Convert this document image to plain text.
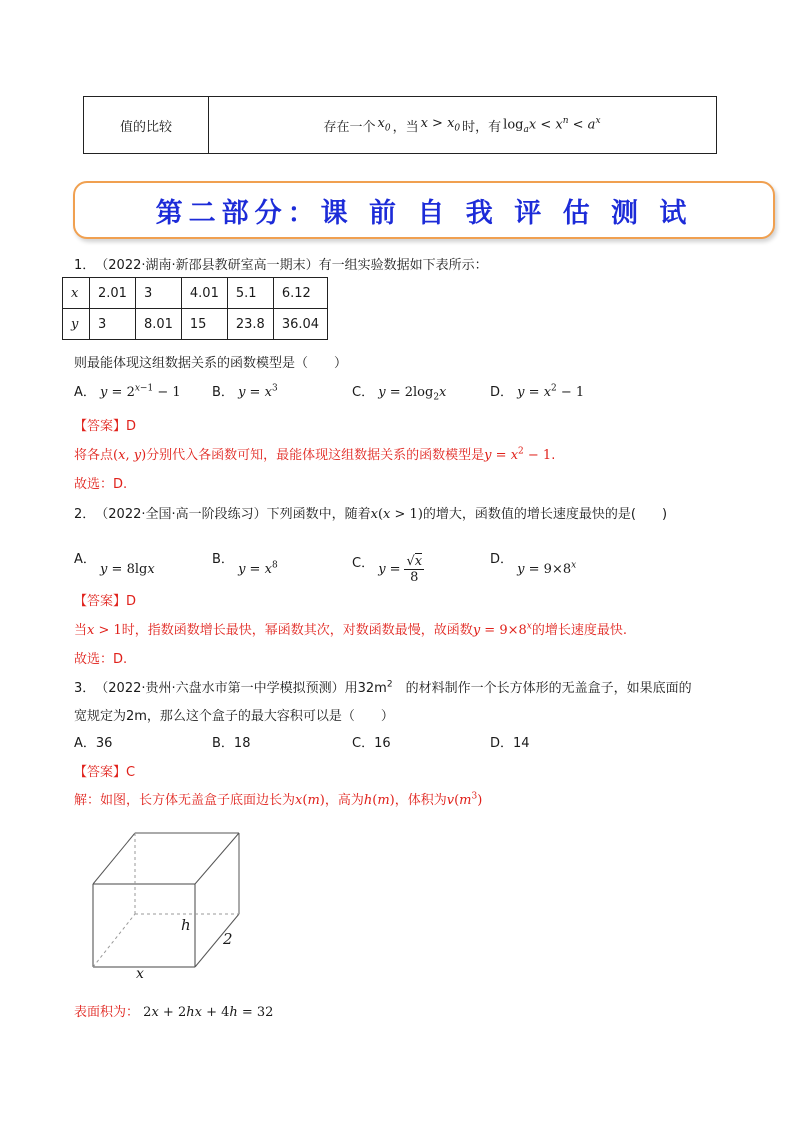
值的比较	存在一个 $x_0$ ，当 $x > x_0$ 时，有 $\log_ax < x^n < a^x$
第二部分：课 前 自 我 评 估 测 试
1．　（2022·湖南·新邵县教研室高一期末）有一组实验数据如下表所示：
x	2.01	3	4.01	5.1	6.12
y	3	8.01	15	23.8	36.04
则最能体现这组数据关系的函数模型是（　　）
A． $y = 2^{x-1} - 1$ B． $y = x^3$	C． $y = 2\log_2x$	D． $y = x^2 - 1$
【答案】D
将各点(x, y)分别代入各函数可知，最能体现这组数据关系的函数模型是$y = x^2 - 1$.
故选：D.
2．　（2022·全国·高一阶段练习）下列函数中，随着x(x > 1)的增大，函数值的增长速度最快的是(　　)
A． y = 8lgx
B． $y = x^8$	C． y =
√x
8
D． $y = 9\times 8^x$
【答案】D
当x > 1时，指数函数增长最快，幂函数其次，对数函数最慢，故函数$y = 9\times 8^x$的增长速度最快.
故选：D.
3．　（2022·贵州·六盘水市第一中学模拟预测）用$32m^2$　 的材料制作一个长方体形的无盖盒子，如果底面的
宽规定为2m，那么这个盒子的最大容积可以是（　　）
A．36	B．18	C．16	D．14
【答案】C
解：如图，长方体无盖盒子底面边长为x(m)，高为h(m)，体积为$v(m^3)$
h
2
x
表面积为： 2x + 2hx + 4h = 32
